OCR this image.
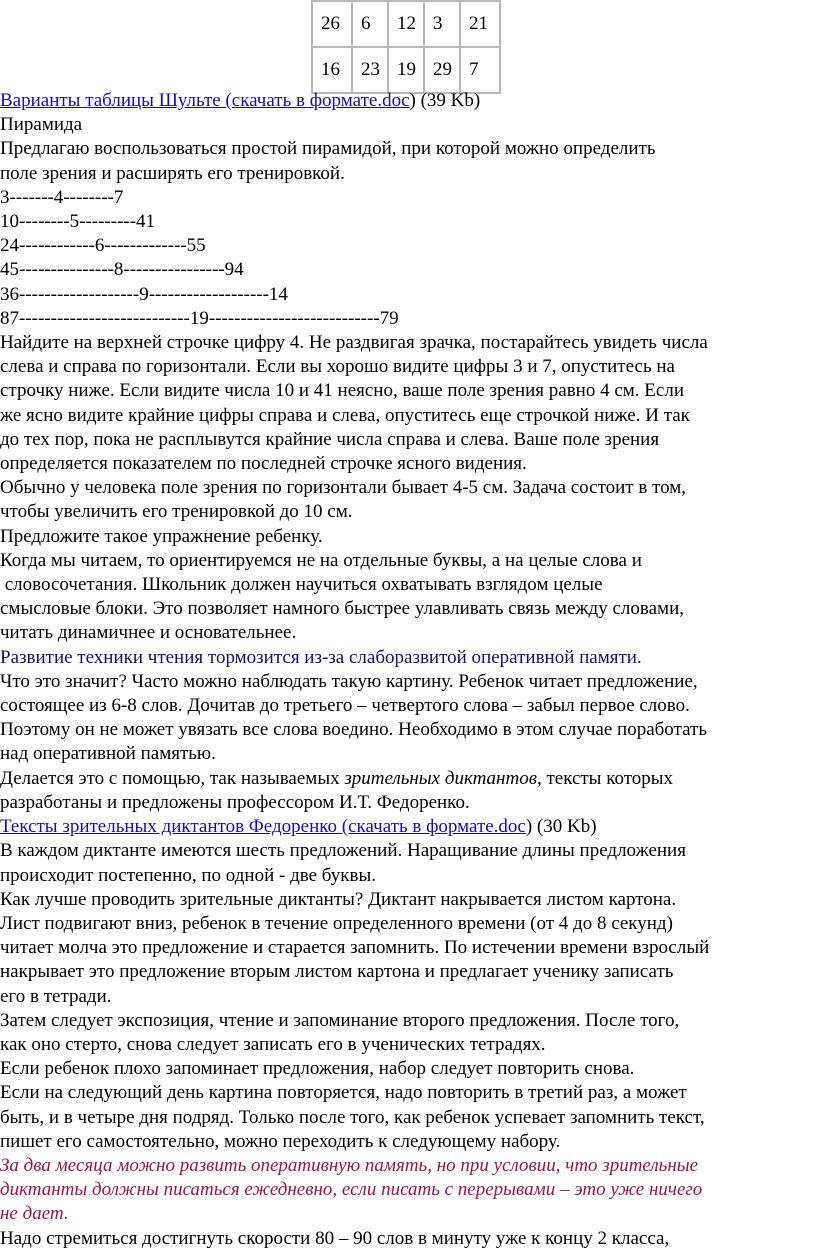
26	6	12	3	21
16	23	19	29	7

Варианты таблицы Шульте (скачать в формате.doc) (39 Kb)

Пирамида

Предлагаю воспользоваться простой пирамидой, при которой можно определить

поле зрения и расширять его тренировкой.

3-------4--------7

10--------5---------41

24------------6-------------55

45---------------8----------------94

36-------------------9-------------------14

87---------------------------19---------------------------79

Найдите на верхней строчке цифру 4. Не раздвигая зрачка, постарайтесь увидеть числа

слева и справа по горизонтали. Если вы хорошо видите цифры 3 и 7, опуститесь на

строчку ниже. Если видите числа 10 и 41 неясно, ваше поле зрения равно 4 см. Если

же ясно видите крайние цифры справа и слева, опуститесь еще строчкой ниже. И так

до тех пор, пока не расплывутся крайние числа справа и слева. Ваше поле зрения

определяется показателем по последней строчке ясного видения.

Обычно у человека поле зрения по горизонтали бывает 4-5 см. Задача состоит в том,

чтобы увеличить его тренировкой до 10 см.

Предложите такое упражнение ребенку.

Когда мы читаем, то ориентируемся не на отдельные буквы, а на целые слова и

словосочетания. Школьник должен научиться охватывать взглядом целые

смысловые блоки. Это позволяет намного быстрее улавливать связь между словами,

читать динамичнее и основательнее.

Развитие техники чтения тормозится из-за слаборазвитой оперативной памяти.

Что это значит? Часто можно наблюдать такую картину. Ребенок читает предложение,

состоящее из 6-8 слов. Дочитав до третьего – четвертого слова – забыл первое слово.

Поэтому он не может увязать все слова воедино. Необходимо в этом случае поработать

над оперативной памятью.

Делается это с помощью, так называемых зрительных диктантов, тексты которых

разработаны и предложены профессором И.Т. Федоренко.

Тексты зрительных диктантов Федоренко (скачать в формате.doc) (30 Kb)

В каждом диктанте имеются шесть предложений. Наращивание длины предложения

происходит постепенно, по одной - две буквы.

Как лучше проводить зрительные диктанты? Диктант накрывается листом картона.

Лист подвигают вниз, ребенок в течение определенного времени (от 4 до 8 секунд)

читает молча это предложение и старается запомнить. По истечении времени взрослый

накрывает это предложение вторым листом картона и предлагает ученику записать

его в тетради.

Затем следует экспозиция, чтение и запоминание второго предложения. После того,

как оно стерто, снова следует записать его в ученических тетрадях.

Если ребенок плохо запоминает предложения, набор следует повторить снова.

Если на следующий день картина повторяется, надо повторить в третий раз, а может

быть, и в четыре дня подряд. Только после того, как ребенок успевает запомнить текст,

пишет его самостоятельно, можно переходить к следующему набору.

За два месяца можно развить оперативную память, но при условии, что зрительные

диктанты должны писаться ежедневно, если писать с перерывами – это уже ничего

не дает.

Надо стремиться достигнуть скорости 80 – 90 слов в минуту уже к концу 2 класса,
